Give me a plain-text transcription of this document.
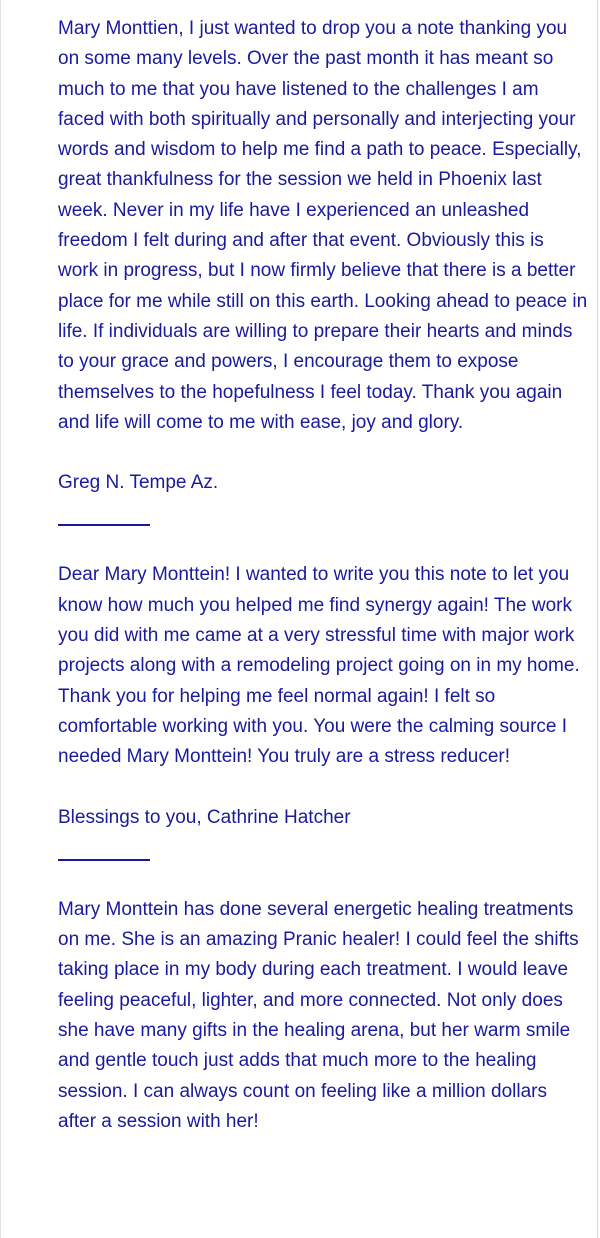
Mary Monttien, I just wanted to drop you a note thanking you on some many levels. Over the past month it has meant so much to me that you have listened to the challenges I am faced with both spiritually and personally and interjecting your words and wisdom to help me find a path to peace. Especially, great thankfulness for the session we held in Phoenix last week. Never in my life have I experienced an unleashed freedom I felt during and after that event. Obviously this is work in progress, but I now firmly believe that there is a better place for me while still on this earth. Looking ahead to peace in life. If individuals are willing to prepare their hearts and minds to your grace and powers, I encourage them to expose themselves to the hopefulness I feel today. Thank you again and life will come to me with ease, joy and glory.

Greg N. Tempe Az.

Dear Mary Monttein! I wanted to write you this note to let you know how much you helped me find synergy again! The work you did with me came at a very stressful time with major work projects along with a remodeling project going on in my home. Thank you for helping me feel normal again! I felt so comfortable working with you. You were the calming source I needed Mary Monttein! You truly are a stress reducer!

Blessings to you, Cathrine Hatcher

Mary Monttein has done several energetic healing treatments on me. She is an amazing Pranic healer! I could feel the shifts taking place in my body during each treatment. I would leave feeling peaceful, lighter, and more connected. Not only does she have many gifts in the healing arena, but her warm smile and gentle touch just adds that much more to the healing session. I can always count on feeling like a million dollars after a session with her!
